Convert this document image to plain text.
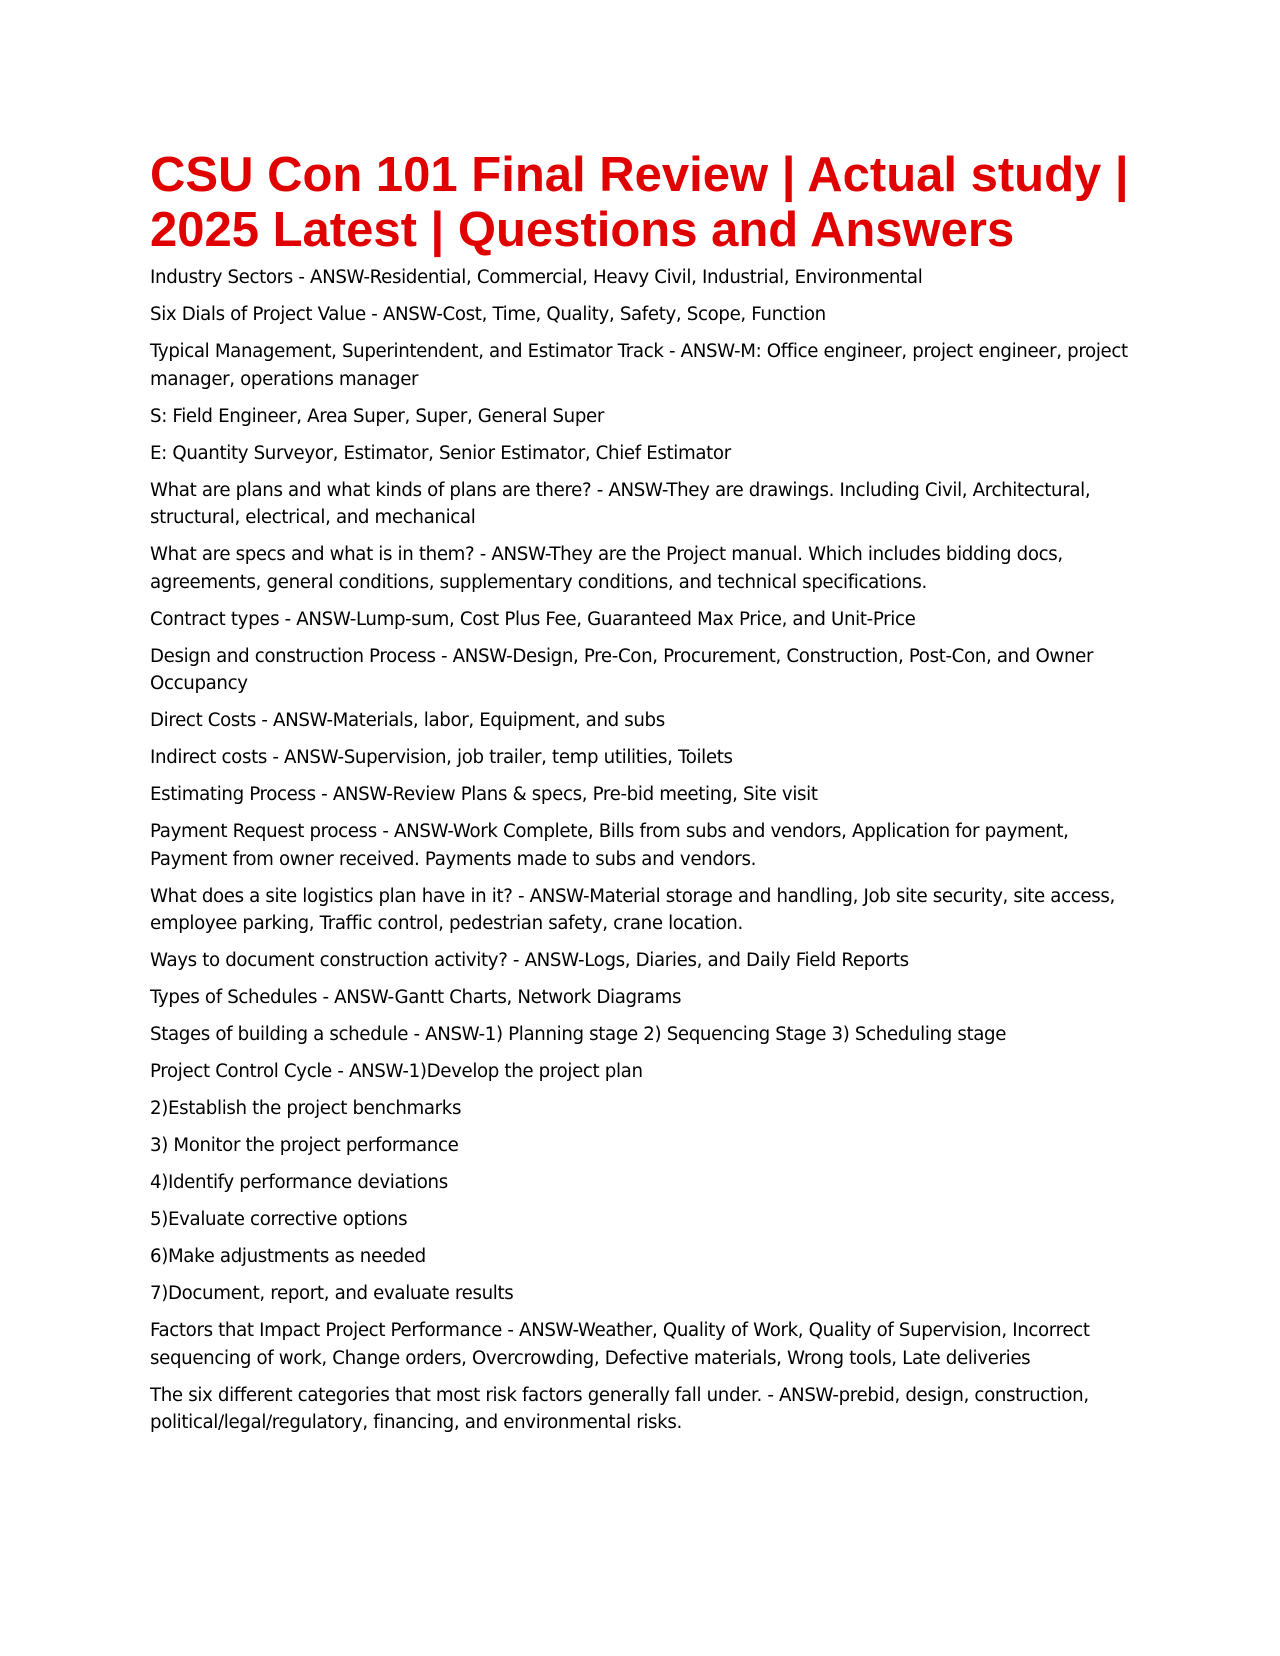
CSU Con 101 Final Review | Actual study | 2025 Latest | Questions and Answers
Industry Sectors - ANSW-Residential, Commercial, Heavy Civil, Industrial, Environmental
Six Dials of Project Value - ANSW-Cost, Time, Quality, Safety, Scope, Function
Typical Management, Superintendent, and Estimator Track - ANSW-M: Office engineer, project engineer, project manager, operations manager
S: Field Engineer, Area Super, Super, General Super
E: Quantity Surveyor, Estimator, Senior Estimator, Chief Estimator
What are plans and what kinds of plans are there? - ANSW-They are drawings. Including Civil, Architectural, structural, electrical, and mechanical
What are specs and what is in them? - ANSW-They are the Project manual. Which includes bidding docs, agreements, general conditions, supplementary conditions, and technical specifications.
Contract types - ANSW-Lump-sum, Cost Plus Fee, Guaranteed Max Price, and Unit-Price
Design and construction Process - ANSW-Design, Pre-Con, Procurement, Construction, Post-Con, and Owner Occupancy
Direct Costs - ANSW-Materials, labor, Equipment, and subs
Indirect costs - ANSW-Supervision, job trailer, temp utilities, Toilets
Estimating Process - ANSW-Review Plans & specs, Pre-bid meeting, Site visit
Payment Request process - ANSW-Work Complete, Bills from subs and vendors, Application for payment, Payment from owner received. Payments made to subs and vendors.
What does a site logistics plan have in it? - ANSW-Material storage and handling, Job site security, site access, employee parking, Traffic control, pedestrian safety, crane location.
Ways to document construction activity? - ANSW-Logs, Diaries, and Daily Field Reports
Types of Schedules - ANSW-Gantt Charts, Network Diagrams
Stages of building a schedule - ANSW-1) Planning stage 2) Sequencing Stage 3) Scheduling stage
Project Control Cycle - ANSW-1)Develop the project plan
2)Establish the project benchmarks
3) Monitor the project performance
4)Identify performance deviations
5)Evaluate corrective options
6)Make adjustments as needed
7)Document, report, and evaluate results
Factors that Impact Project Performance - ANSW-Weather, Quality of Work, Quality of Supervision, Incorrect sequencing of work, Change orders, Overcrowding, Defective materials, Wrong tools, Late deliveries
The six different categories that most risk factors generally fall under. - ANSW-prebid, design, construction, political/legal/regulatory, financing, and environmental risks.
